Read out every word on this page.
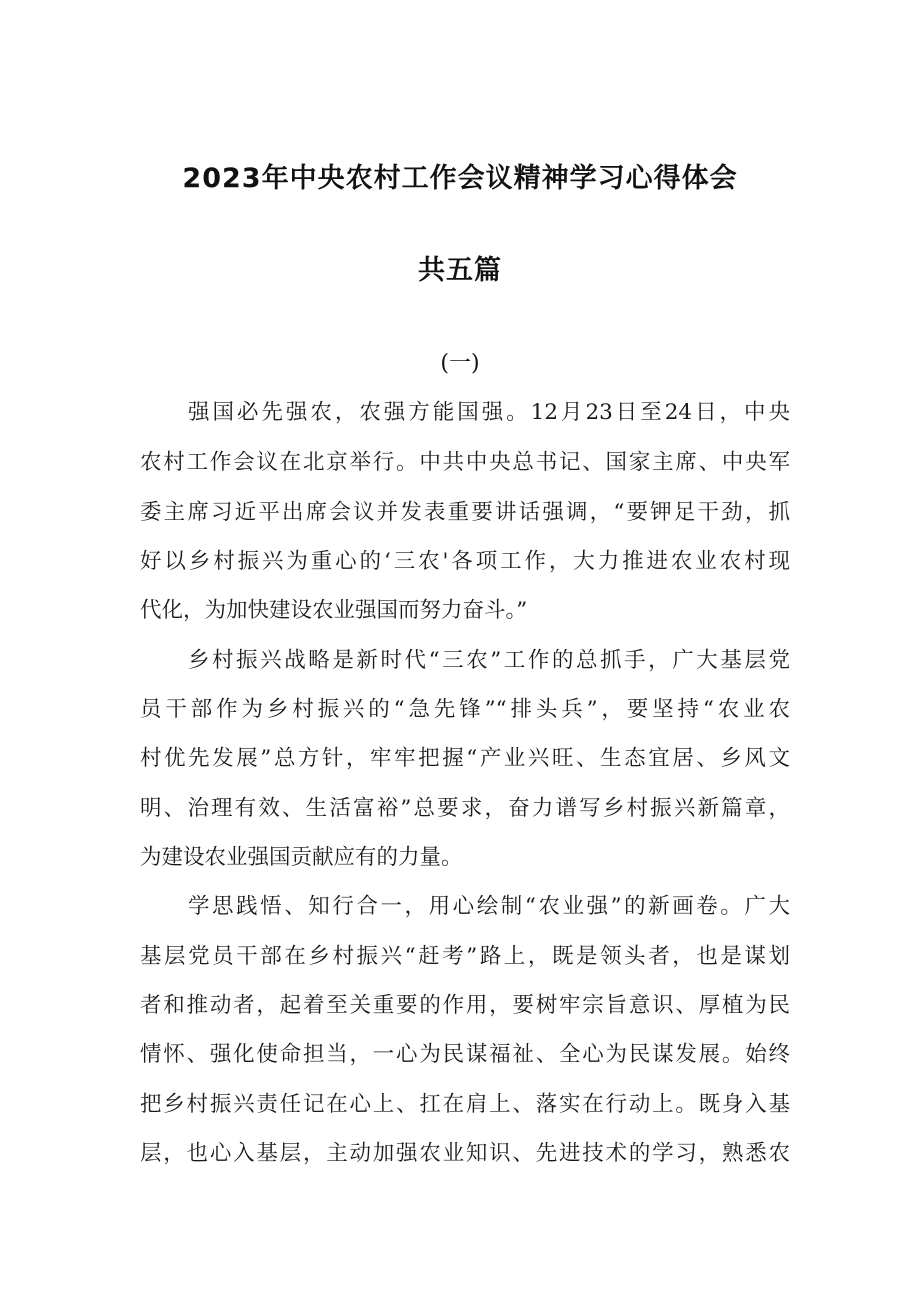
2023年中央农村工作会议精神学习心得体会
共五篇
(一)
强国必先强农，农强方能国强。12月23日至24日，中央
农村工作会议在北京举行。中共中央总书记、国家主席、中央军
委主席习近平出席会议并发表重要讲话强调，“要钾足干劲，抓
好以乡村振兴为重心的‘三农'各项工作，大力推进农业农村现
代化，为加快建设农业强国而努力奋斗。”
乡村振兴战略是新时代“三农”工作的总抓手，广大基层党
员干部作为乡村振兴的“急先锋”“排头兵”，要坚持“农业农
村优先发展”总方针，牢牢把握“产业兴旺、生态宜居、乡风文
明、治理有效、生活富裕”总要求，奋力谱写乡村振兴新篇章，
为建设农业强国贡献应有的力量。
学思践悟、知行合一，用心绘制“农业强”的新画卷。广大
基层党员干部在乡村振兴“赶考”路上，既是领头者，也是谋划
者和推动者，起着至关重要的作用，要树牢宗旨意识、厚植为民
情怀、强化使命担当，一心为民谋福祉、全心为民谋发展。始终
把乡村振兴责任记在心上、扛在肩上、落实在行动上。既身入基
层，也心入基层，主动加强农业知识、先进技术的学习，熟悉农
